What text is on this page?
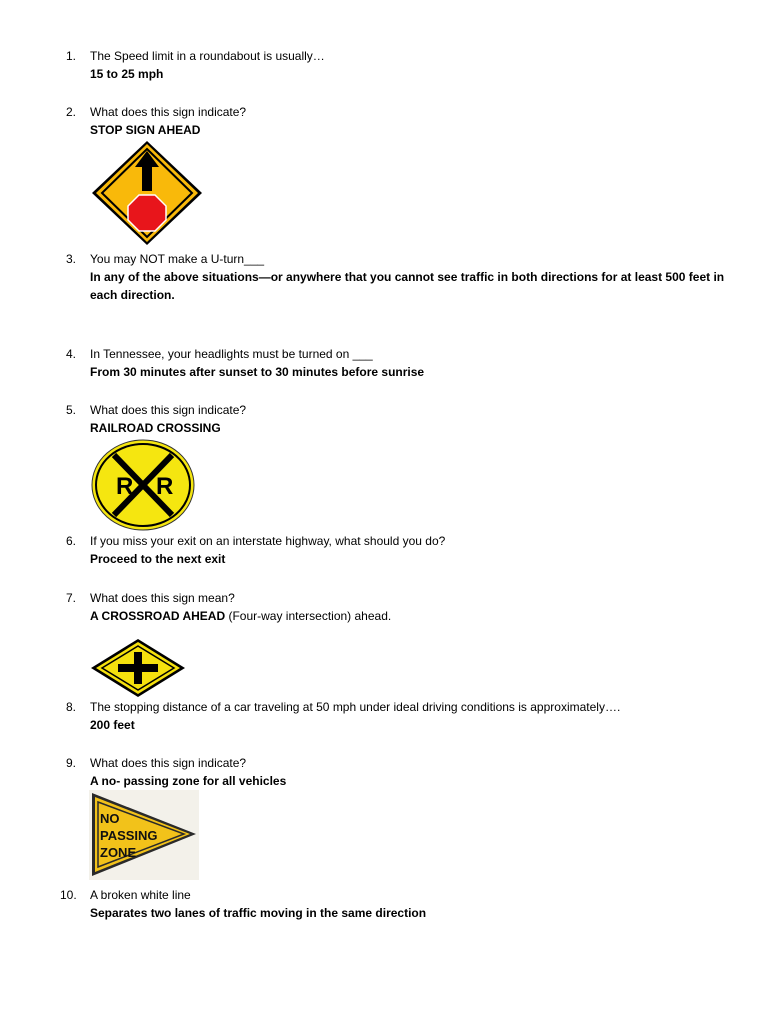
1. The Speed limit in a roundabout is usually…
15 to 25 mph
2. What does this sign indicate?
STOP SIGN AHEAD
3. You may NOT make a U-turn___
In any of the above situations—or anywhere that you cannot see traffic in both directions for at least 500 feet in each direction.
4. In Tennessee, your headlights must be turned on ___
From 30 minutes after sunset to 30 minutes before sunrise
5. What does this sign indicate?
RAILROAD CROSSING
R R
6. If you miss your exit on an interstate highway, what should you do?
Proceed to the next exit
7. What does this sign mean?
A CROSSROAD AHEAD (Four-way intersection) ahead.
8. The stopping distance of a car traveling at 50 mph under ideal driving conditions is approximately….
200 feet
9. What does this sign indicate?
A no- passing zone for all vehicles
NO
PASSING
ZONE
10. A broken white line
Separates two lanes of traffic moving in the same direction
